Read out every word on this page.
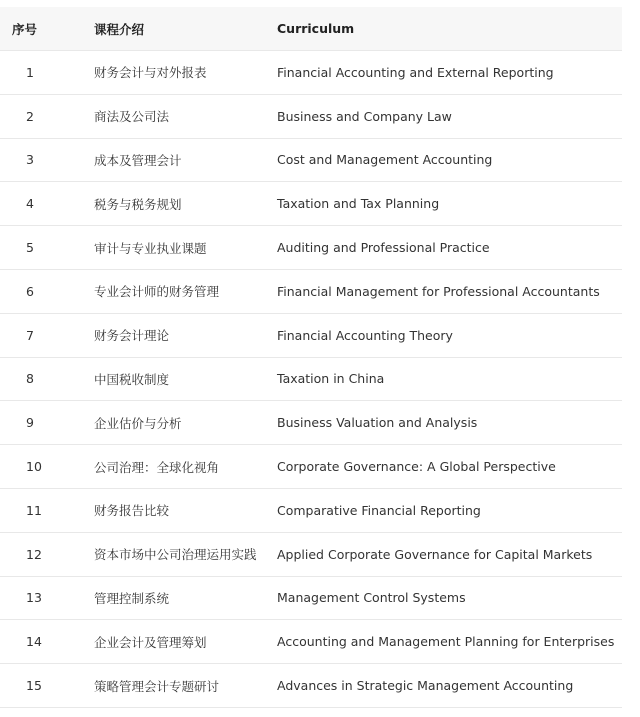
序号	课程介绍	Curriculum
1	财务会计与对外报表	Financial Accounting and External Reporting
2	商法及公司法	Business and Company Law
3	成本及管理会计	Cost and Management Accounting
4	税务与税务规划	Taxation and Tax Planning
5	审计与专业执业课题	Auditing and Professional Practice
6	专业会计师的财务管理	Financial Management for Professional Accountants
7	财务会计理论	Financial Accounting Theory
8	中国税收制度	Taxation in China
9	企业估价与分析	Business Valuation and Analysis
10	公司治理：全球化视角	Corporate Governance: A Global Perspective
11	财务报告比较	Comparative Financial Reporting
12	资本市场中公司治理运用实践	Applied Corporate Governance for Capital Markets
13	管理控制系统	Management Control Systems
14	企业会计及管理筹划	Accounting and Management Planning for Enterprises
15	策略管理会计专题研讨	Advances in Strategic Management Accounting
